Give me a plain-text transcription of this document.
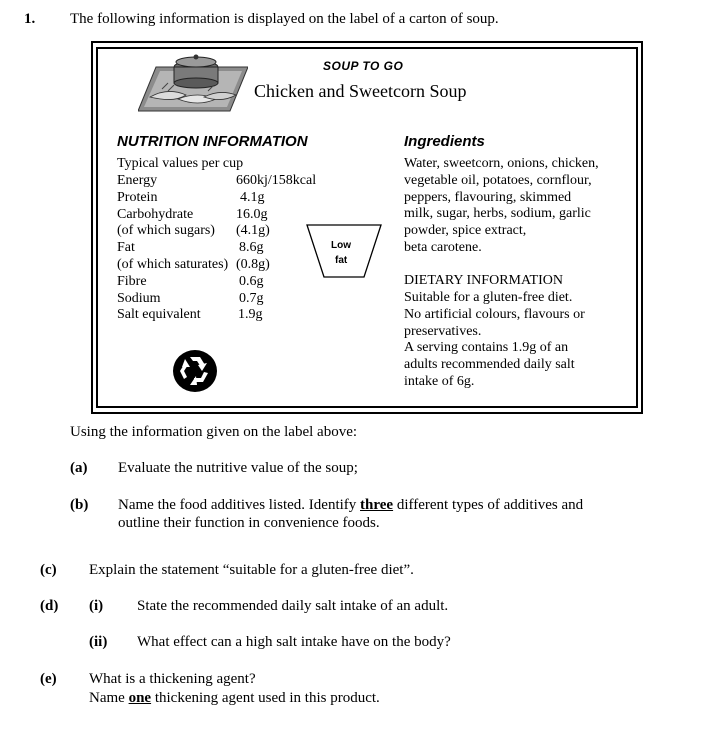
1. The following information is displayed on the label of a carton of soup.
SOUP TO GO
Chicken and Sweetcorn Soup
NUTRITION INFORMATION
Typical values per cup
Energy	660kj/158kcal
Protein	4.1g
Carbohydrate	16.0g
(of which sugars) (4.1g)
Fat	8.6g
(of which saturates) (0.8g)
Fibre	0.6g
Sodium	0.7g
Salt equivalent	1.9g
Low
fat
Ingredients
Water, sweetcorn, onions, chicken,
vegetable oil, potatoes, cornflour,
peppers, flavouring, skimmed
milk, sugar, herbs, sodium, garlic
powder, spice extract,
beta carotene.
DIETARY INFORMATION
Suitable for a gluten-free diet.
No artificial colours, flavours or
preservatives.
A serving contains 1.9g of an
adults recommended daily salt
intake of 6g.
Using the information given on the label above:
(a) Evaluate the nutritive value of the soup;
(b) Name the food additives listed. Identify three different types of additives and
outline their function in convenience foods.
(c) Explain the statement “suitable for a gluten-free diet”.
(d) (i) State the recommended daily salt intake of an adult.
(ii) What effect can a high salt intake have on the body?
(e) What is a thickening agent?
Name one thickening agent used in this product.
